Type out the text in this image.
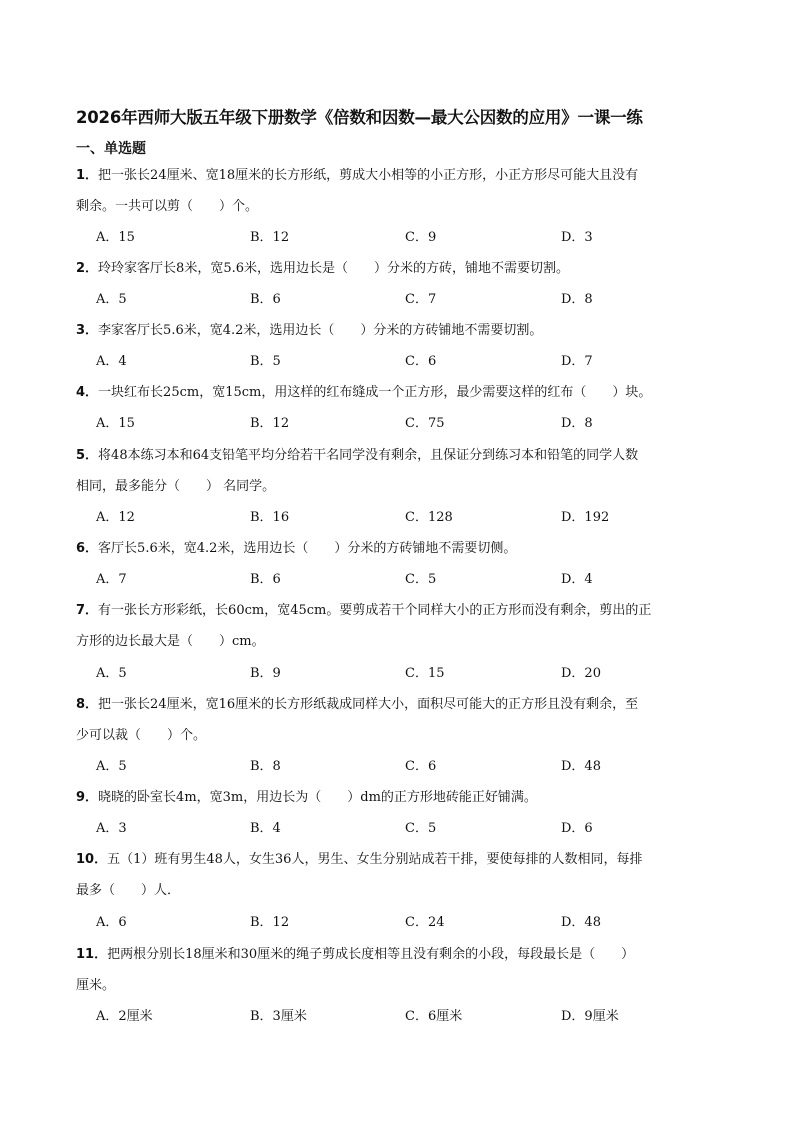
2026年西师大版五年级下册数学《倍数和因数—最大公因数的应用》一课一练
一、单选题
1．把一张长24厘米、宽18厘米的长方形纸，剪成大小相等的小正方形，小正方形尽可能大且没有
剩余。一共可以剪（　　）个。
A．15	B．12	C．9	D．3
2．玲玲家客厅长8米，宽5.6米，选用边长是（　　）分米的方砖，铺地不需要切割。
A．5	B．6	C．7	D．8
3．李家客厅长5.6米，宽4.2米，选用边长（　　）分米的方砖铺地不需要切割。
A．4	B．5	C．6	D．7
4．一块红布长25cm，宽15cm，用这样的红布缝成一个正方形，最少需要这样的红布（　　）块。
A．15	B．12	C．75	D．8
5．将48本练习本和64支铅笔平均分给若干名同学没有剩余，且保证分到练习本和铅笔的同学人数
相同，最多能分（　　） 名同学。
A．12	B．16	C．128	D．192
6．客厅长5.6米，宽4.2米，选用边长（　　）分米的方砖铺地不需要切侧。
A．7	B．6	C．5	D．4
7．有一张长方形彩纸，长60cm，宽45cm。要剪成若干个同样大小的正方形而没有剩余，剪出的正
方形的边长最大是（　　）cm。
A．5	B．9	C．15	D．20
8．把一张长24厘米，宽16厘米的长方形纸裁成同样大小，面积尽可能大的正方形且没有剩余，至
少可以裁（　　）个。
A．5	B．8	C．6	D．48
9．晓晓的卧室长4m，宽3m，用边长为（　　）dm的正方形地砖能正好铺满。
A．3	B．4	C．5	D．6
10．五（1）班有男生48人，女生36人，男生、女生分别站成若干排，要使每排的人数相同，每排
最多（　　）人．
A．6	B．12	C．24	D．48
11．把两根分别长18厘米和30厘米的绳子剪成长度相等且没有剩余的小段，每段最长是（　　）
厘米。
A．2厘米	B．3厘米	C．6厘米	D．9厘米
